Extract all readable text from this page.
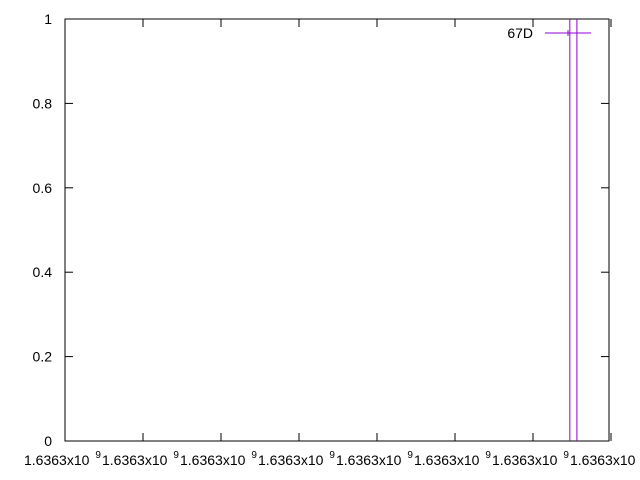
0
0.2
0.4
0.6
0.8
1
1.6363x10 $^9$ 1.6363x10 $^9$ 1.6363x10 $^9$ 1.6363x10 $^9$ 1.6363x10 $^9$ 1.6363x10 $^9$ 1.6363x10 $^9$ 1.6363x10
67D
